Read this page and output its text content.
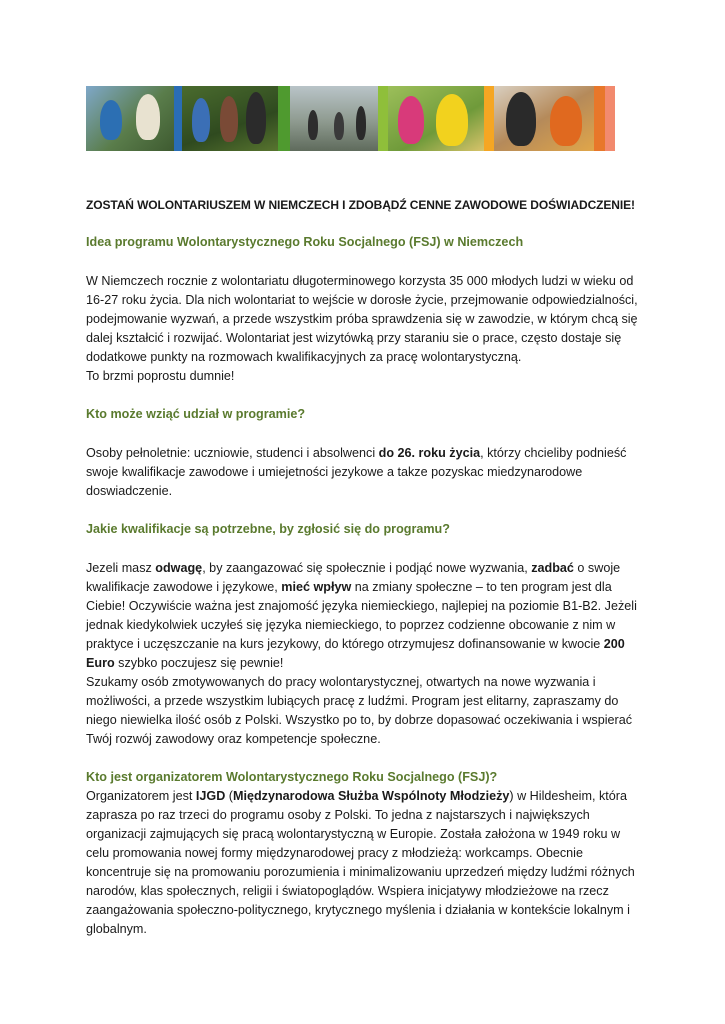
ZOSTAŃ WOLONTARIUSZEM W NIEMCZECH I ZDOBĄDŹ CENNE ZAWODOWE DOŚWIADCZENIE!
Idea programu Wolontarystycznego Roku Socjalnego (FSJ) w Niemczech
W Niemczech rocznie z wolontariatu długoterminowego korzysta 35 000 młodych ludzi w wieku od 16-27 roku życia. Dla nich wolontariat to wejście w dorosłe życie, przejmowanie odpowiedzialności, podejmowanie wyzwań, a przede wszystkim próba sprawdzenia się w zawodzie, w którym chcą się dalej kształcić i rozwijać. Wolontariat jest wizytówką przy staraniu sie o prace, często dostaje się dodatkowe punkty na rozmowach kwalifikacyjnych za pracę wolontarystyczną.
To brzmi poprostu dumnie!
Kto może wziąć udział w programie?
Osoby pełnoletnie: uczniowie, studenci i absolwenci do 26. roku życia, którzy chcieliby podnieść swoje kwalifikacje zawodowe i umiejetności jezykowe a takze pozyskac miedzynarodowe doswiadczenie.
Jakie kwalifikacje są potrzebne, by zgłosić się do programu?
Jezeli masz odwagę, by zaangazować się społecznie i podjąć nowe wyzwania, zadbać o swoje kwalifikacje zawodowe i językowe, mieć wpływ na zmiany społeczne – to ten program jest dla Ciebie! Oczywiście ważna jest znajomość języka niemieckiego, najlepiej na poziomie B1-B2. Jeżeli jednak kiedykolwiek uczyłeś się języka niemieckiego, to poprzez codzienne obcowanie z nim w praktyce i uczęszczanie na kurs jezykowy, do którego otrzymujesz dofinansowanie w kwocie 200 Euro szybko poczujesz się pewnie!
Szukamy osób zmotywowanych do pracy wolontarystycznej, otwartych na nowe wyzwania i możliwości, a przede wszystkim lubiących pracę z ludźmi. Program jest elitarny, zapraszamy do niego niewielka ilość osób z Polski. Wszystko po to, by dobrze dopasować oczekiwania i wspierać Twój rozwój zawodowy oraz kompetencje społeczne.
Kto jest organizatorem Wolontarystycznego Roku Socjalnego (FSJ)?
Organizatorem jest IJGD (Międzynarodowa Służba Wspólnoty Młodzieży) w Hildesheim, która zaprasza po raz trzeci do programu osoby z Polski. To jedna z najstarszych i największych organizacji zajmujących się pracą wolontarystyczną w Europie. Została założona w 1949 roku w celu promowania nowej formy międzynarodowej pracy z młodzieżą: workcamps. Obecnie koncentruje się na promowaniu porozumienia i minimalizowaniu uprzedzeń między ludźmi różnych narodów, klas społecznych, religii i światopoglądów. Wspiera inicjatywy młodzieżowe na rzecz zaangażowania społeczno-politycznego, krytycznego myślenia i działania w kontekście lokalnym i globalnym.
